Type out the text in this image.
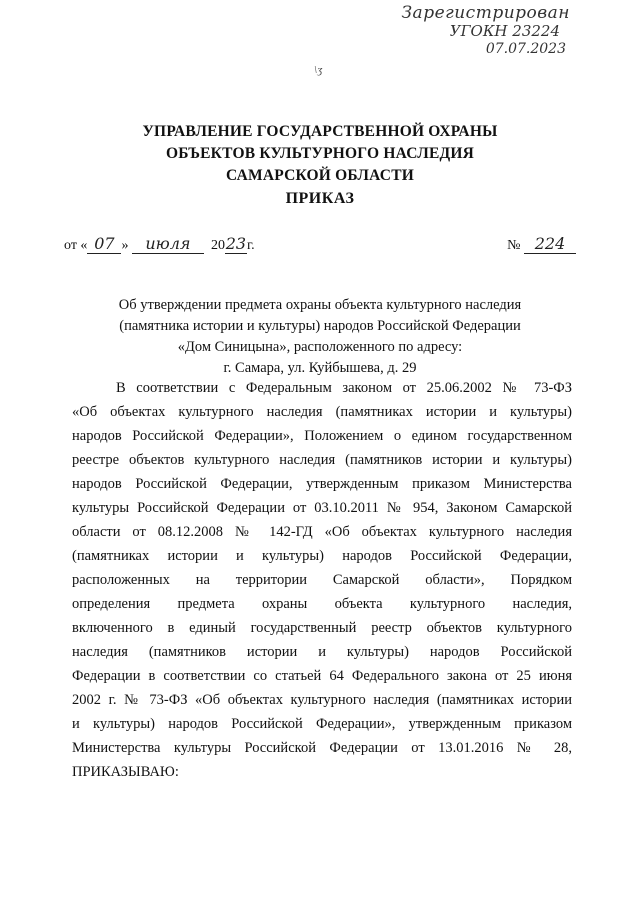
Зарегистрирован
УГОКН 23224
07.07.2023
\ӡ
УПРАВЛЕНИЕ ГОСУДАРСТВЕННОЙ ОХРАНЫ
ОБЪЕКТОВ КУЛЬТУРНОГО НАСЛЕДИЯ
САМАРСКОЙ ОБЛАСТИ
ПРИКАЗ
от « 07 » июля 2023г.	№ 224
Об утверждении предмета охраны объекта культурного наследия
(памятника истории и культуры) народов Российской Федерации
«Дом Синицына», расположенного по адресу:
г. Самара, ул. Куйбышева, д. 29
В соответствии с Федеральным законом от 25.06.2002 № 73-ФЗ
«Об объектах культурного наследия (памятниках истории и культуры)
народов Российской Федерации», Положением о едином государственном
реестре объектов культурного наследия (памятников истории и культуры)
народов Российской Федерации, утвержденным приказом Министерства
культуры Российской Федерации от 03.10.2011 № 954, Законом Самарской
области от 08.12.2008 № 142-ГД «Об объектах культурного наследия
(памятниках истории и культуры) народов Российской Федерации,
расположенных на территории Самарской области», Порядком
определения предмета охраны объекта культурного наследия,
включенного в единый государственный реестр объектов культурного
наследия (памятников истории и культуры) народов Российской
Федерации в соответствии со статьей 64 Федерального закона от 25 июня
2002 г. № 73-ФЗ «Об объектах культурного наследия (памятниках истории
и культуры) народов Российской Федерации», утвержденным приказом
Министерства культуры Российской Федерации от 13.01.2016 № 28,
ПРИКАЗЫВАЮ:
